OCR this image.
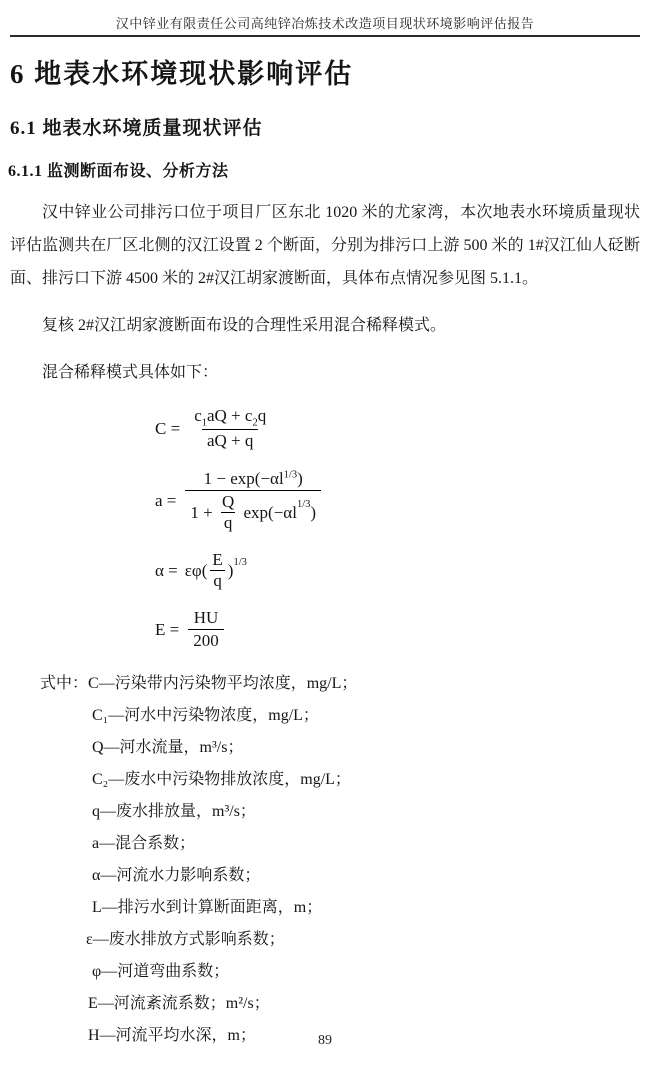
汉中锌业有限责任公司高纯锌冶炼技术改造项目现状环境影响评估报告
6 地表水环境现状影响评估
6.1 地表水环境质量现状评估
6.1.1 监测断面布设、分析方法
汉中锌业公司排污口位于项目厂区东北 1020 米的尤家湾，本次地表水环境质量现状评估监测共在厂区北侧的汉江设置 2 个断面，分别为排污口上游 500 米的 1#汉江仙人砭断面、排污口下游 4500 米的 2#汉江胡家渡断面，具体布点情况参见图 5.1.1。
复核 2#汉江胡家渡断面布设的合理性采用混合稀释模式。
混合稀释模式具体如下：
$C = \frac{c_1aQ + c_2q}{aQ + q}$
a =
$1 - \exp(-\alpha l^{1/3})$
$1 + \frac{Q}{q} \exp(-\alpha l$ 1/3 )
$\alpha = \varepsilon\varphi( \frac{E}{q}$ ) 1/3
$E = \frac{HU}{200}$
式中：C—污染带内污染物平均浓度，mg/L；
C₁—河水中污染物浓度，mg/L；
Q—河水流量，m³/s；
C₂—废水中污染物排放浓度，mg/L；
q—废水排放量，m³/s；
a—混合系数；
α—河流水力影响系数；
L—排污水到计算断面距离，m；
ε—废水排放方式影响系数；
φ—河道弯曲系数；
E—河流紊流系数；m²/s；
H—河流平均水深，m；	89
